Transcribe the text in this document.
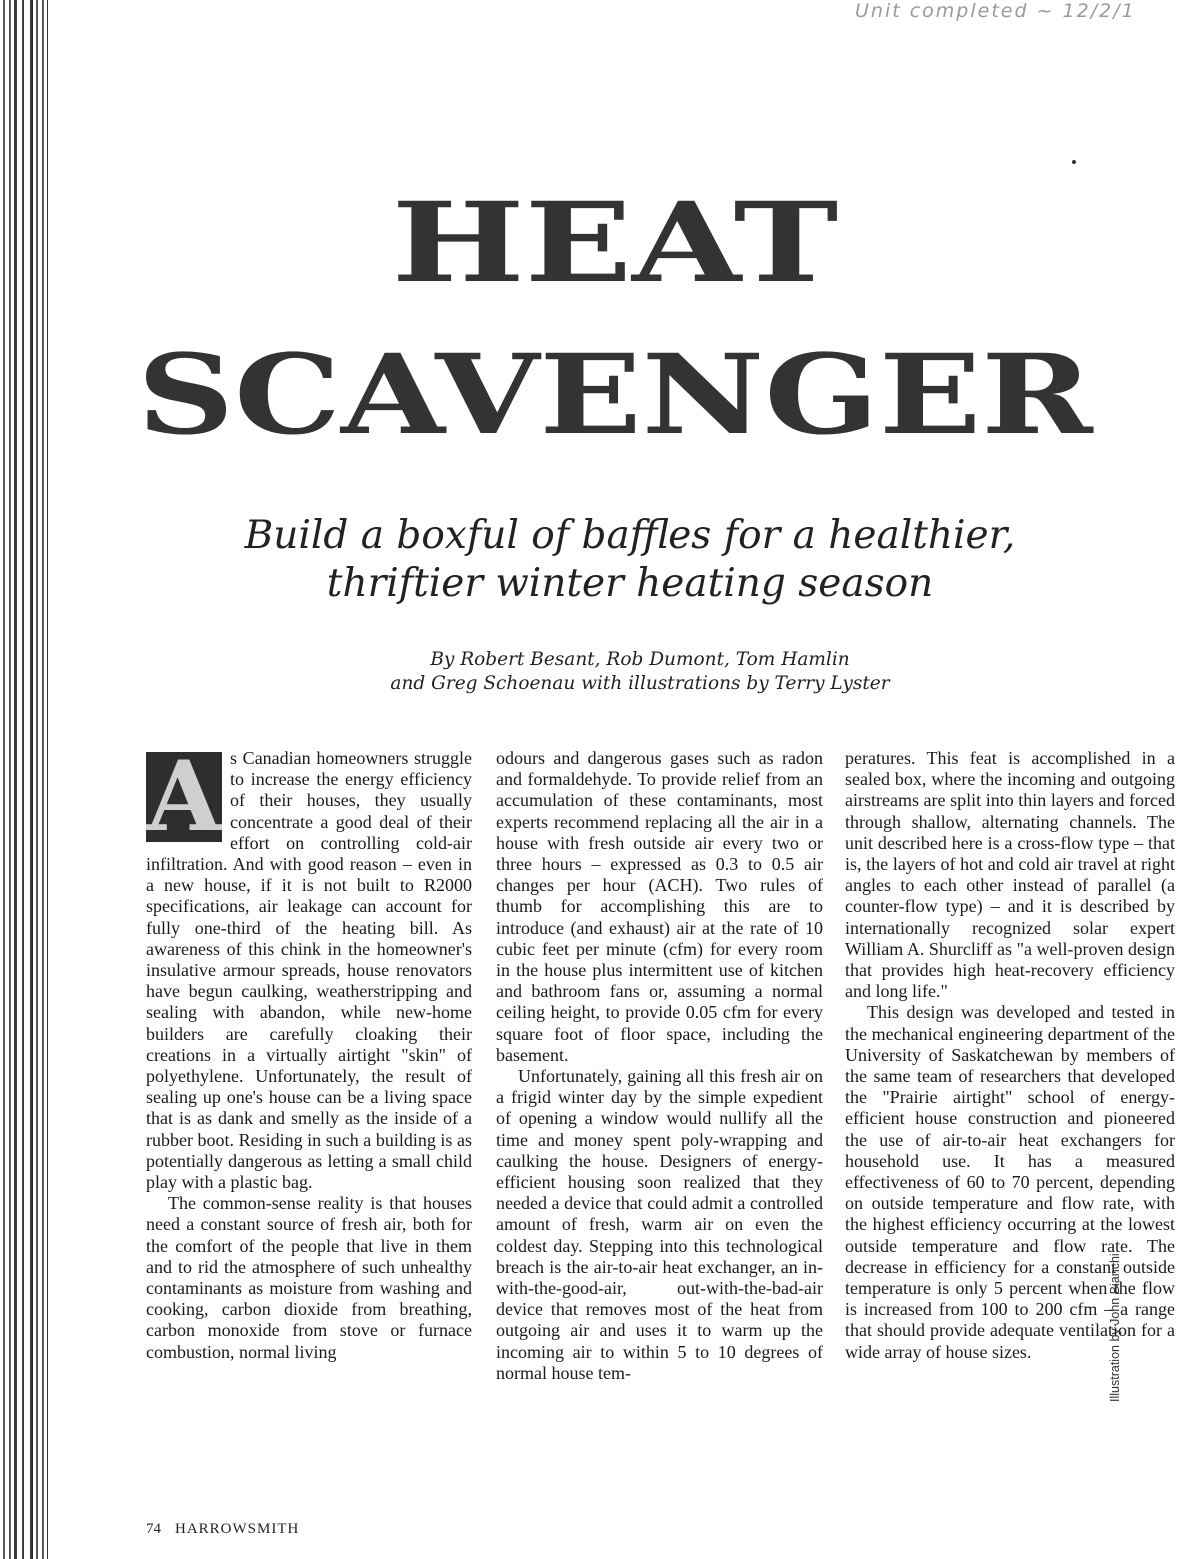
Unit completed ~ 12/2/1
HEAT
SCAVENGER
Build a boxful of baffles for a healthier,
thriftier winter heating season
By Robert Besant, Rob Dumont, Tom Hamlin
and Greg Schoenau with illustrations by Terry Lyster

A s Canadian homeowners struggle to increase the energy efficiency of their houses, they usually concentrate a good deal of their effort on controlling cold-air infiltration. And with good reason – even in a new house, if it is not built to R2000 specifications, air leakage can account for fully one-third of the heating bill. As awareness of this chink in the homeowner's insulative armour spreads, house renovators have begun caulking, weatherstripping and sealing with abandon, while new-home builders are carefully cloaking their creations in a virtually airtight "skin" of polyethylene. Unfortunately, the result of sealing up one's house can be a living space that is as dank and smelly as the inside of a rubber boot. Residing in such a building is as potentially dangerous as letting a small child play with a plastic bag.

The common-sense reality is that houses need a constant source of fresh air, both for the comfort of the people that live in them and to rid the atmosphere of such unhealthy contaminants as moisture from washing and cooking, carbon dioxide from breathing, carbon monoxide from stove or furnace combustion, normal living

odours and dangerous gases such as radon and formaldehyde. To provide relief from an accumulation of these contaminants, most experts recommend replacing all the air in a house with fresh outside air every two or three hours – expressed as 0.3 to 0.5 air changes per hour (ACH). Two rules of thumb for accomplishing this are to introduce (and exhaust) air at the rate of 10 cubic feet per minute (cfm) for every room in the house plus intermittent use of kitchen and bathroom fans or, assuming a normal ceiling height, to provide 0.05 cfm for every square foot of floor space, including the basement.

Unfortunately, gaining all this fresh air on a frigid winter day by the simple expedient of opening a window would nullify all the time and money spent poly-wrapping and caulking the house. Designers of energy-efficient housing soon realized that they needed a device that could admit a controlled amount of fresh, warm air on even the coldest day. Stepping into this technological breach is the air-to-air heat exchanger, an in-with-the-good-air, out-with-the-bad-air device that removes most of the heat from outgoing air and uses it to warm up the incoming air to within 5 to 10 degrees of normal house tem-

peratures. This feat is accomplished in a sealed box, where the incoming and outgoing airstreams are split into thin layers and forced through shallow, alternating channels. The unit described here is a cross-flow type – that is, the layers of hot and cold air travel at right angles to each other instead of parallel (a counter-flow type) – and it is described by internationally recognized solar expert William A. Shurcliff as "a well-proven design that provides high heat-recovery efficiency and long life."

This design was developed and tested in the mechanical engineering department of the University of Saskatchewan by members of the same team of researchers that developed the "Prairie airtight" school of energy-efficient house construction and pioneered the use of air-to-air heat exchangers for household use. It has a measured effectiveness of 60 to 70 percent, depending on outside temperature and flow rate, with the highest efficiency occurring at the lowest outside temperature and flow rate. The decrease in efficiency for a constant outside temperature is only 5 percent when the flow is increased from 100 to 200 cfm – a range that should provide adequate ventilation for a wide array of house sizes.	Illustration by John Bianchi
74 HARROWSMITH
